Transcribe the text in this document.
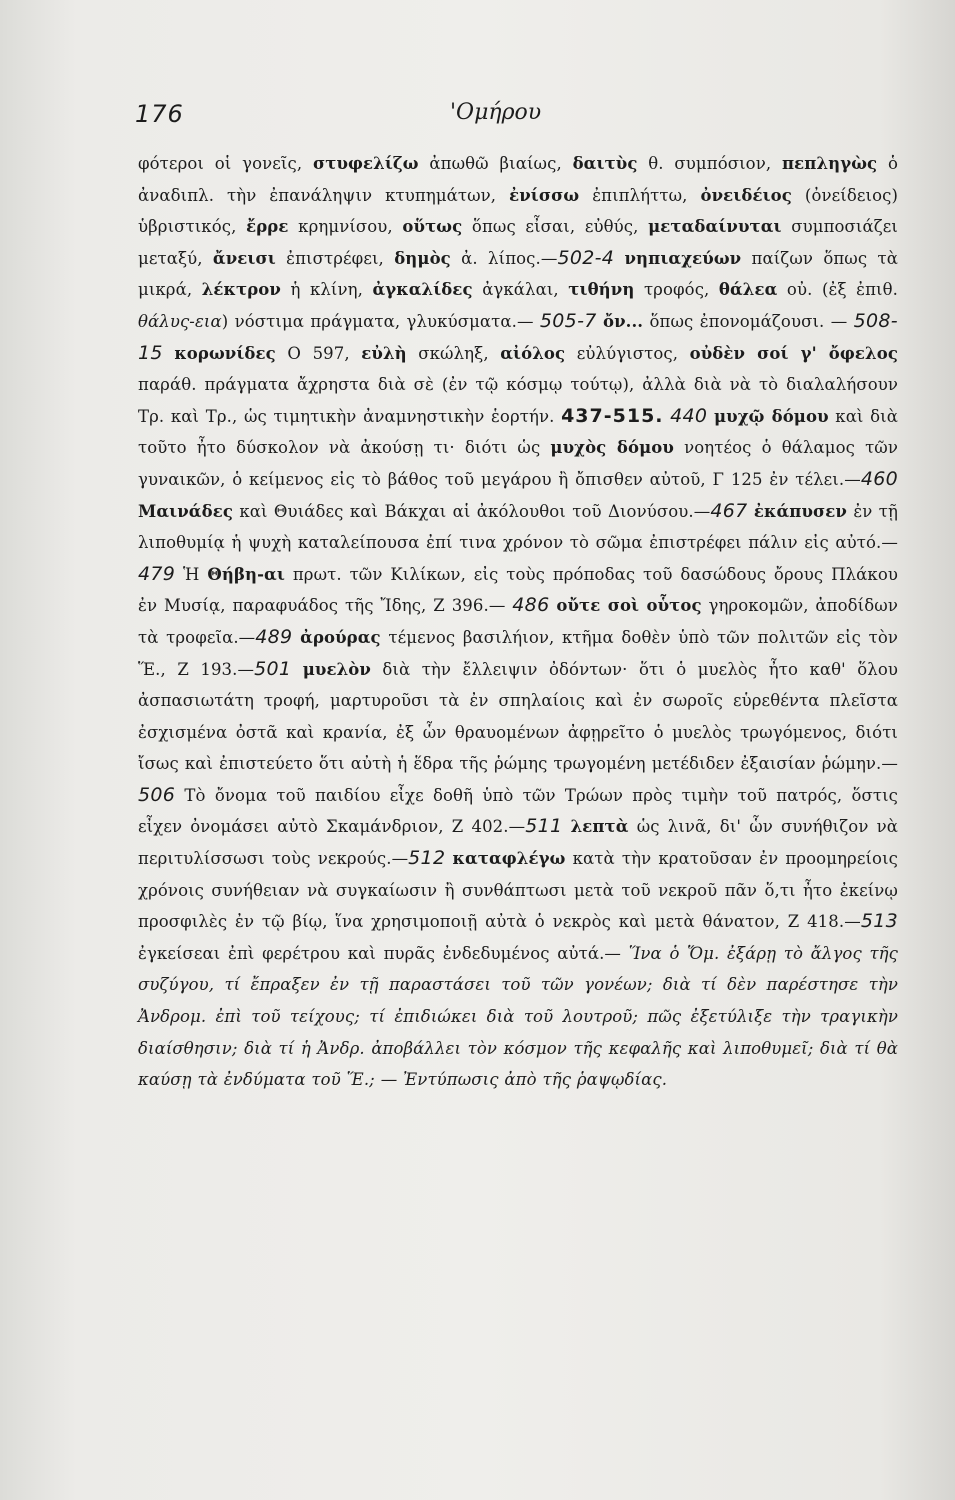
176	'Ομήρου

φότεροι οἱ γονεῖς, στυφελίζω ἀπωθῶ βιαίως, δαιτὺς θ. συμπόσιον, πεπληγὼς ὁ ἀναδιπλ. τὴν ἐπανάληψιν κτυπημάτων, ἐνίσσω ἐπιπλήττω, ὀνειδέιος (ὀνείδειος) ὑβριστικός, ἔρρε κρημνίσου, οὕτως ὅπως εἶσαι, εὐθύς, μεταδαίνυται συμποσιάζει μεταξύ, ἄνεισι ἐπιστρέφει, δημὸς ἀ. λίπος.—502-4 νηπιαχεύων παίζων ὅπως τὰ μικρά, λέκτρον ἡ κλίνη, ἀγκαλίδες ἀγκάλαι, τιθήνη τροφός, θάλεα οὐ. (ἐξ ἐπιθ. θάλυς-εια) νόστιμα πράγματα, γλυκύσματα.— 505-7 ὄν... ὅπως ἐπονομάζουσι. — 508-15 κορωνίδες Ο 597, εὐλὴ σκώληξ, αἰόλος εὐλύγιστος, οὐδὲν σοί γ' ὄφελος παράθ. πράγματα ἄχρηστα διὰ σὲ (ἐν τῷ κόσμῳ τούτῳ), ἀλλὰ διὰ νὰ τὸ διαλαλήσουν Τρ. καὶ Τρ., ὡς τιμητικὴν ἀναμνηστικὴν ἑορτήν. 437-515. 440 μυχῷ δόμου καὶ διὰ τοῦτο ἦτο δύσκολον νὰ ἀκούσῃ τι· διότι ὡς μυχὸς δόμου νοητέος ὁ θάλαμος τῶν γυναικῶν, ὁ κείμενος εἰς τὸ βάθος τοῦ μεγάρου ἢ ὄπισθεν αὐτοῦ, Γ 125 ἐν τέλει.—460 Μαινάδες καὶ Θυιάδες καὶ Βάκχαι αἱ ἀκόλουθοι τοῦ Διονύσου.—467 ἐκάπυσεν ἐν τῇ λιποθυμίᾳ ἡ ψυχὴ καταλείπουσα ἐπί τινα χρόνον τὸ σῶμα ἐπιστρέφει πάλιν εἰς αὐτό.— 479 Ἡ Θήβη-αι πρωτ. τῶν Κιλίκων, εἰς τοὺς πρόποδας τοῦ δασώδους ὄρους Πλάκου ἐν Μυσίᾳ, παραφυάδος τῆς Ἴδης, Ζ 396.— 486 οὔτε σοὶ οὗτος γηροκομῶν, ἀποδίδων τὰ τροφεῖα.—489 ἀρούρας τέμενος βασιλήιον, κτῆμα δοθὲν ὑπὸ τῶν πολιτῶν εἰς τὸν Ἕ., Ζ 193.—501 μυελὸν διὰ τὴν ἔλλειψιν ὀδόντων· ὅτι ὁ μυελὸς ἦτο καθ' ὅλου ἀσπασιωτάτη τροφή, μαρτυροῦσι τὰ ἐν σπηλαίοις καὶ ἐν σωροῖς εὑρεθέντα πλεῖστα ἐσχισμένα ὀστᾶ καὶ κρανία, ἐξ ὧν θραυομένων ἀφῃρεῖτο ὁ μυελὸς τρωγόμενος, διότι ἴσως καὶ ἐπιστεύετο ὅτι αὐτὴ ἡ ἕδρα τῆς ῥώμης τρωγομένη μετέδιδεν ἐξαισίαν ῥώμην.—506 Τὸ ὄνομα τοῦ παιδίου εἶχε δοθῆ ὑπὸ τῶν Τρώων πρὸς τιμὴν τοῦ πατρός, ὅστις εἶχεν ὀνομάσει αὐτὸ Σκαμάνδριον, Ζ 402.—511 λεπτὰ ὡς λινᾶ, δι' ὧν συνήθιζον νὰ περιτυλίσσωσι τοὺς νεκρούς.—512 καταφλέγω κατὰ τὴν κρατοῦσαν ἐν προομηρείοις χρόνοις συνήθειαν νὰ συγκαίωσιν ἢ συνθάπτωσι μετὰ τοῦ νεκροῦ πᾶν ὅ,τι ἦτο ἐκείνῳ προσφιλὲς ἐν τῷ βίῳ, ἵνα χρησιμοποιῇ αὐτὰ ὁ νεκρὸς καὶ μετὰ θάνατον, Ζ 418.—513 ἐγκείσεαι ἐπὶ φερέτρου καὶ πυρᾶς ἐνδεδυμένος αὐτά.— Ἵνα ὁ Ὅμ. ἐξάρῃ τὸ ἄλγος τῆς συζύγου, τί ἔπραξεν ἐν τῇ παραστάσει τοῦ τῶν γονέων; διὰ τί δὲν παρέστησε τὴν Ἀνδρομ. ἐπὶ τοῦ τείχους; τί ἐπιδιώκει διὰ τοῦ λουτροῦ; πῶς ἐξετύλιξε τὴν τραγικὴν διαίσθησιν; διὰ τί ἡ Ἀνδρ. ἀποβάλλει τὸν κόσμον τῆς κεφαλῆς καὶ λιποθυμεῖ; διὰ τί θὰ καύσῃ τὰ ἐνδύματα τοῦ Ἕ.; — Ἐντύπωσις ἀπὸ τῆς ῥαψῳδίας.
